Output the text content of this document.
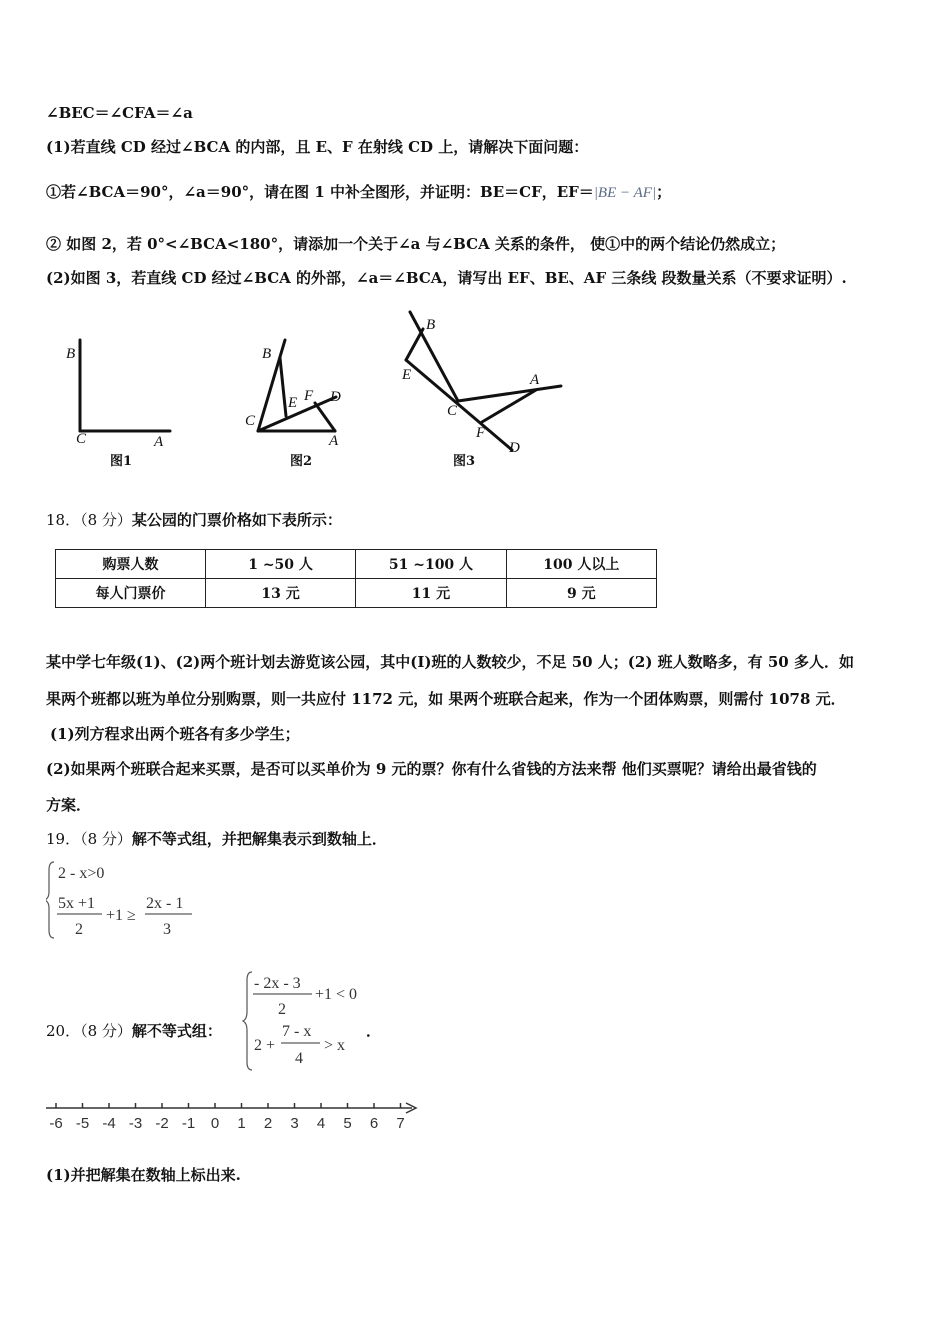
∠BEC＝∠CFA＝∠a
(1)若直线 CD 经过∠BCA 的内部，且 E、F 在射线 CD 上，请解决下面问题：
①若∠BCA＝90°，∠a＝90°，请在图 1 中补全图形，并证明：BE＝CF，EF＝|BE − AF|；
② 如图 2，若 0°<∠BCA<180°，请添加一个关于∠a 与∠BCA 关系的条件， 使①中的两个结论仍然成立；
(2)如图 3，若直线 CD 经过∠BCA 的外部，∠a＝∠BCA，请写出 EF、BE、AF 三条线 段数量关系（不要求证明）.
B
C	A
B
C
E F D
A
B
E
C
A
F
D
图1	图2	图3
18．（8 分）某公园的门票价格如下表所示：
购票人数	1 ~50 人	51 ~100 人	100 人以上
每人门票价	13 元	11 元	9 元
某中学七年级(1)、(2)两个班计划去游览该公园，其中(I)班的人数较少，不足 50 人；(2) 班人数略多，有 50 多人．如
果两个班都以班为单位分别购票，则一共应付 1172 元，如 果两个班联合起来，作为一个团体购票，则需付 1078 元．
(1)列方程求出两个班各有多少学生；
(2)如果两个班联合起来买票，是否可以买单价为 9 元的票？你有什么省钱的方法来帮 他们买票呢？请给出最省钱的
方案．
19．（8 分）解不等式组，并把解集表示到数轴上．
2 - x>0
5x +1
2
+1 ≥
2x - 1
3
20．（8 分）解不等式组：
- 2x - 3
2
+1 < 0
2 +
7 - x
4
> x
．
-6 -5 -4 -3 -2 -1 0 1 2 3 4 5 6 7
(1)并把解集在数轴上标出来.
